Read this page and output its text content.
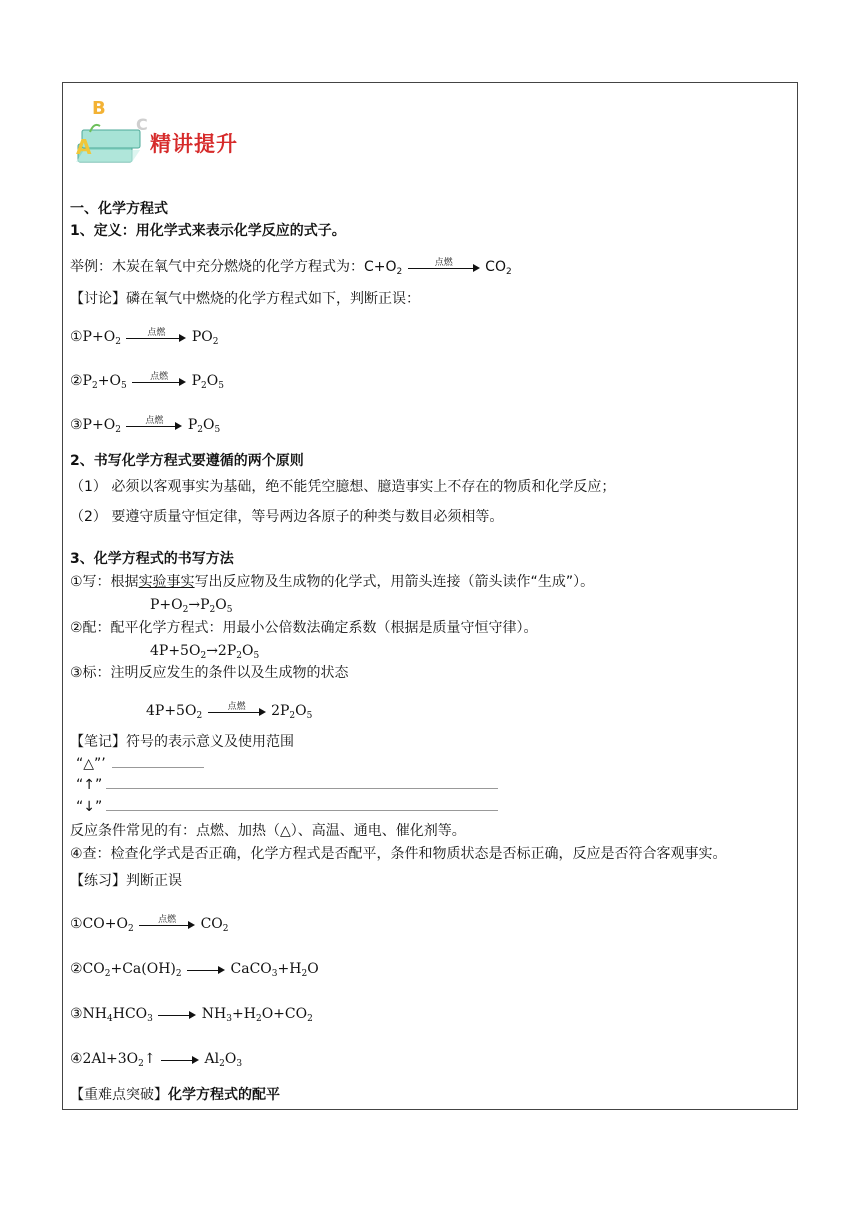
B
A
C
精讲提升
一、化学方程式
1、定义：用化学式来表示化学反应的式子。
举例：木炭在氧气中充分燃烧的化学方程式为：$C+O_2$
点燃	$CO_2$
【讨论】磷在氧气中燃烧的化学方程式如下，判断正误：
$①P+O_2$
点燃	$PO_2$
$②P_2+O_5$
点燃	$P_2O_5$
$③P+O_2$
点燃	$P_2O_5$
2、书写化学方程式要遵循的两个原则
（1） 必须以客观事实为基础，绝不能凭空臆想、臆造事实上不存在的物质和化学反应；
（2） 要遵守质量守恒定律，等号两边各原子的种类与数目必须相等。
3、化学方程式的书写方法
①写：根据实验事实写出反应物及生成物的化学式，用箭头连接（箭头读作“生成”）。
$P+O_2\to P_2O_5$
②配：配平化学方程式：用最小公倍数法确定系数（根据是质量守恒守律）。
$4P+5O_2\to 2P_2O_5$
③标：注明反应发生的条件以及生成物的状态
$4P+5O_2$
点燃	$2P_2O_5$
【笔记】符号的表示意义及使用范围
“△”’
“↑”
“↓”
反应条件常见的有：点燃、加热（△）、高温、通电、催化剂等。
④查：检查化学式是否正确，化学方程式是否配平，条件和物质状态是否标正确，反应是否符合客观事实。
【练习】判断正误
$①CO+O_2$
点燃	$CO_2$
$②CO_2+Ca(OH)_2$	$CaCO_3+H_2O$
$③NH_4HCO_3$	$NH_3+H_2O+CO_2$
$④2Al+3O_2↑$	$Al_2O_3$
【重难点突破】化学方程式的配平
